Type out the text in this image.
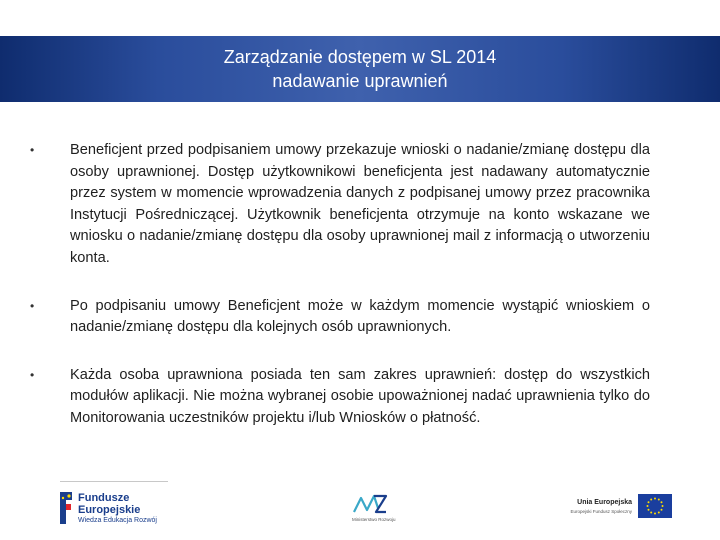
Zarządzanie dostępem w SL 2014
nadawanie uprawnień
• Beneficjent przed podpisaniem umowy przekazuje wnioski o nadanie/zmianę dostępu dla osoby uprawnionej. Dostęp użytkownikowi beneficjenta jest nadawany automatycznie przez system w momencie wprowadzenia danych z podpisanej umowy przez pracownika Instytucji Pośredniczącej. Użytkownik beneficjenta otrzymuje na konto wskazane we wniosku o nadanie/zmianę dostępu dla osoby uprawnionej mail z informacją o utworzeniu konta.
• Po podpisaniu umowy Beneficjent może w każdym momencie wystąpić wnioskiem o nadanie/zmianę dostępu dla kolejnych osób uprawnionych.
• Każda osoba uprawniona posiada ten sam zakres uprawnień: dostęp do wszystkich modułów aplikacji. Nie można wybranej osobie upoważnionej nadać uprawnienia tylko do Monitorowania uczestników projektu i/lub Wniosków o płatność.
Fundusze
Europejskie
Wiedza Edukacja Rozwój	Ministerstwo Rozwoju
Unia Europejska
Europejski Fundusz Społeczny
